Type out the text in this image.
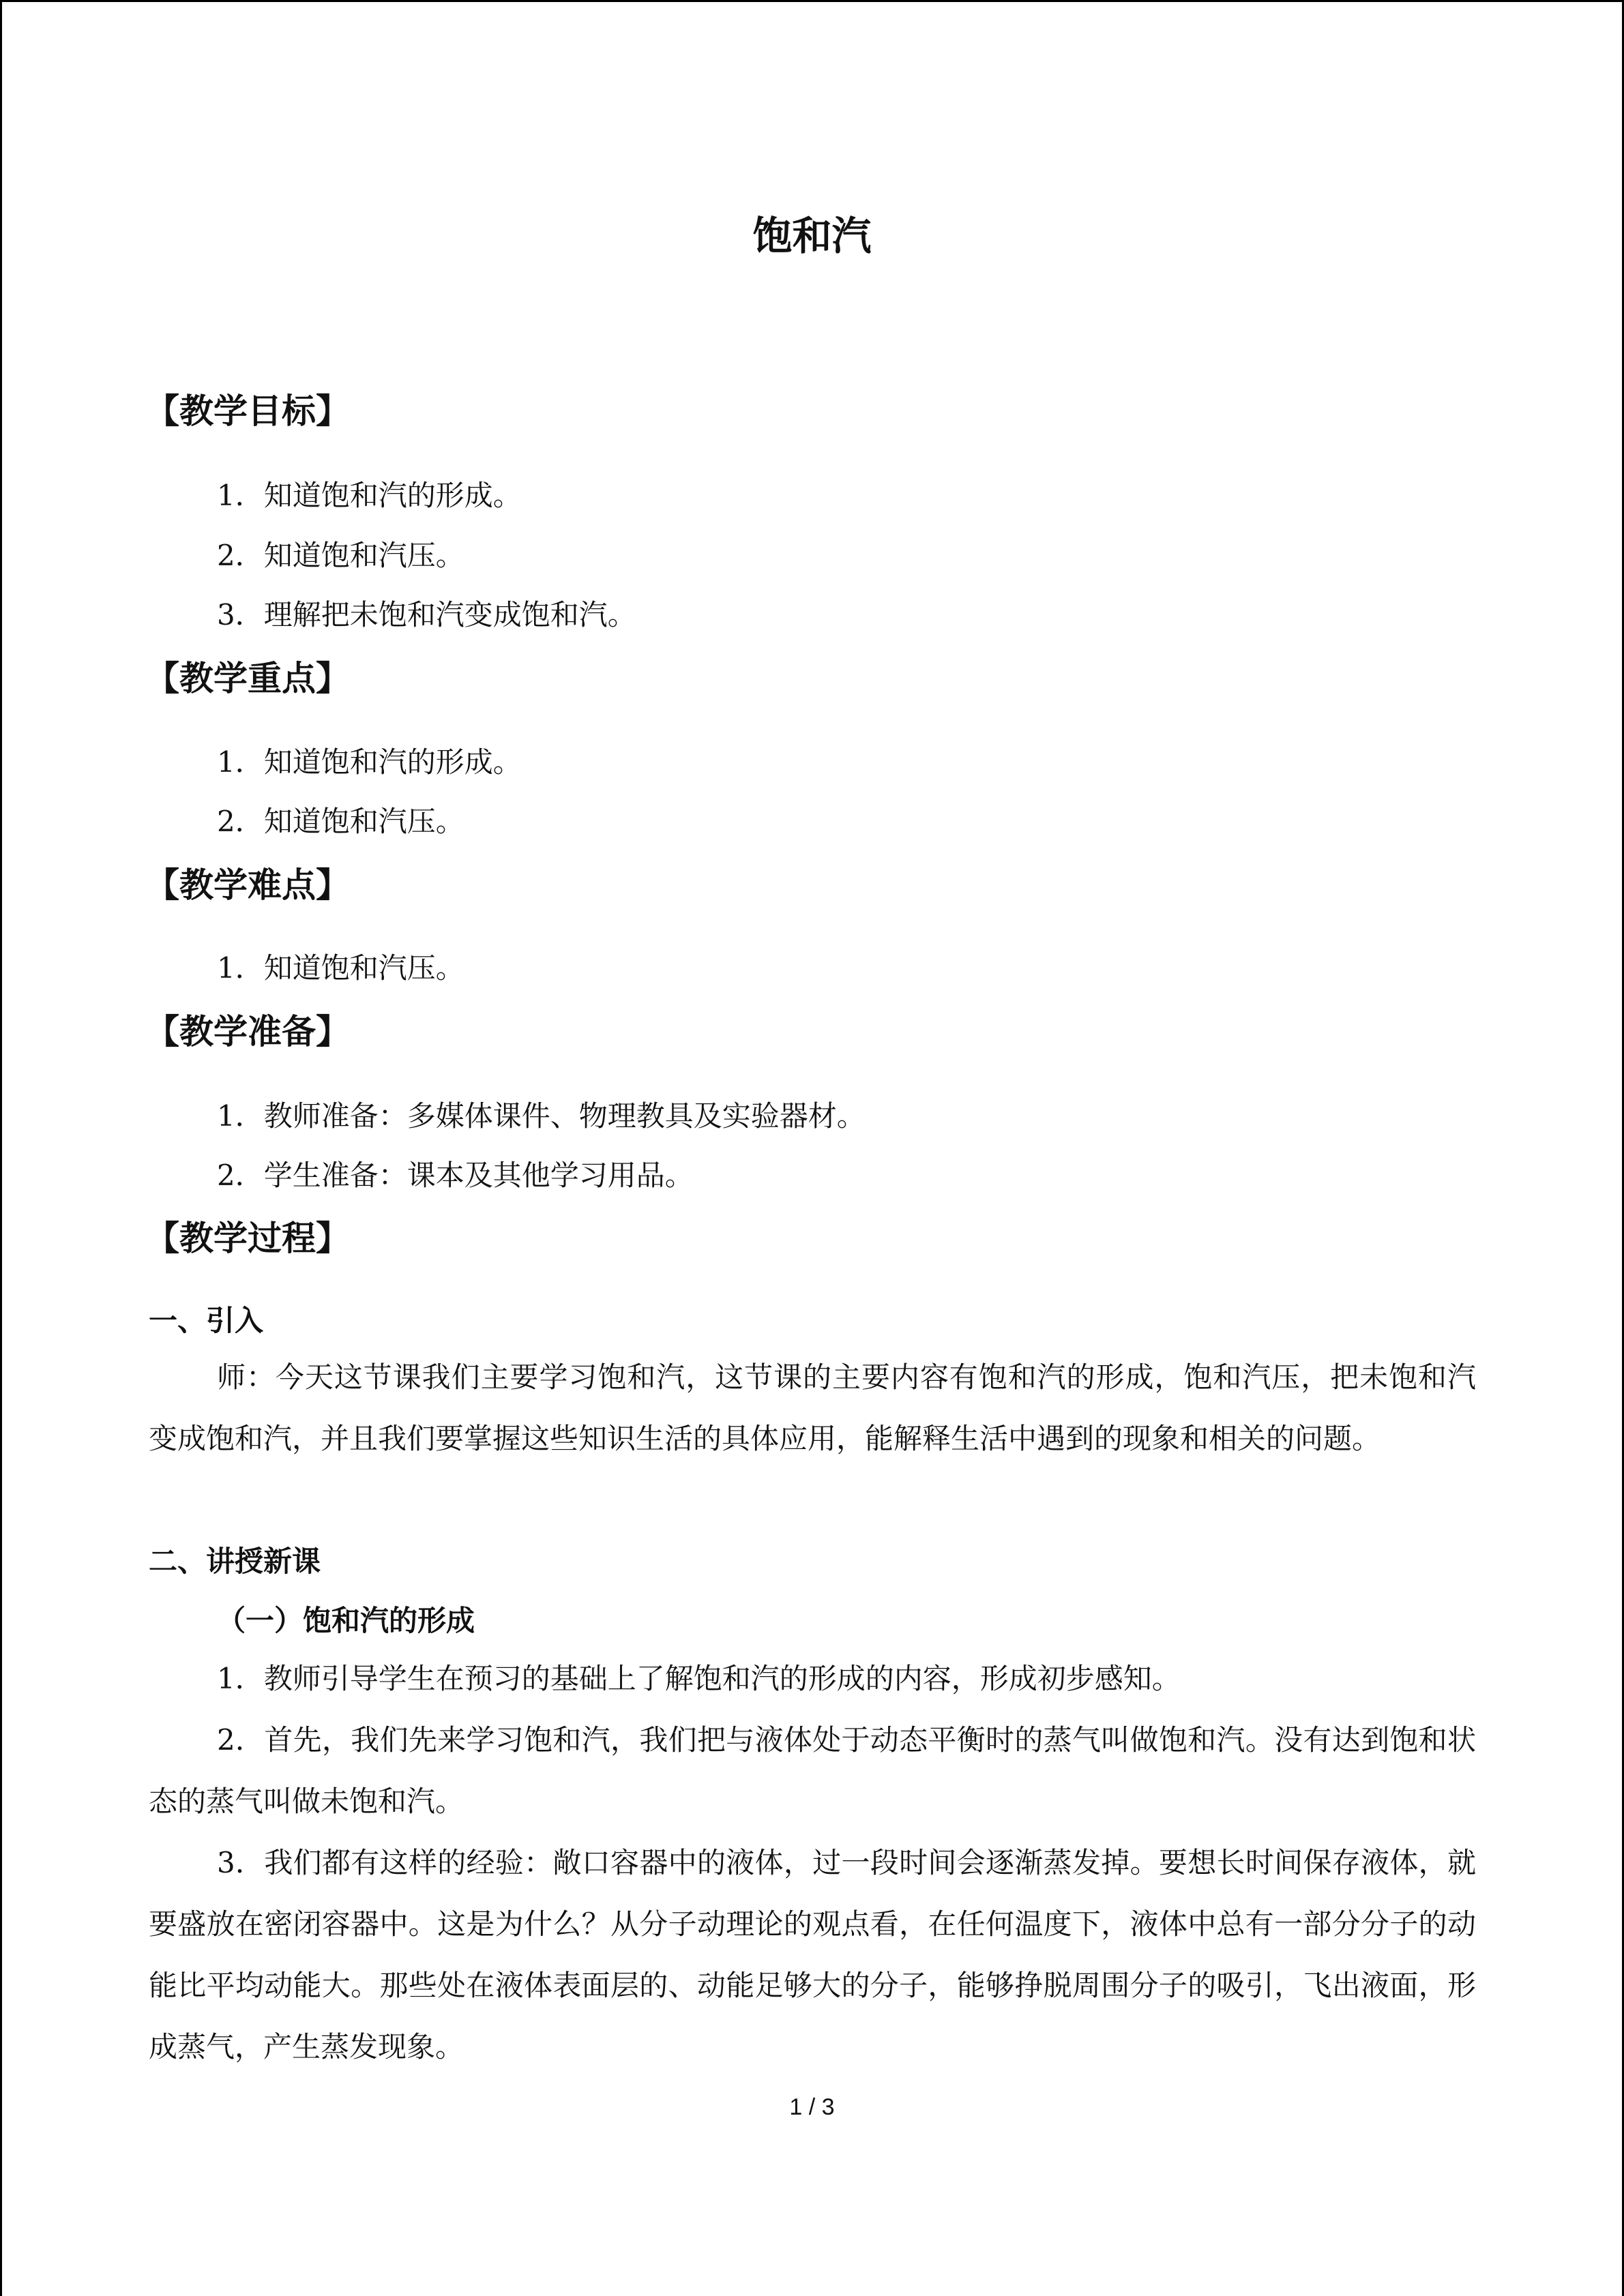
饱和汽
【教学目标】
1．知道饱和汽的形成。
2．知道饱和汽压。
3．理解把未饱和汽变成饱和汽。
【教学重点】
1．知道饱和汽的形成。
2．知道饱和汽压。
【教学难点】
1．知道饱和汽压。
【教学准备】
1．教师准备：多媒体课件、物理教具及实验器材。
2．学生准备：课本及其他学习用品。
【教学过程】
一、引入
师：今天这节课我们主要学习饱和汽，这节课的主要内容有饱和汽的形成，饱和汽压，把未饱和汽变成饱和汽，并且我们要掌握这些知识生活的具体应用，能解释生活中遇到的现象和相关的问题。
二、讲授新课
（一）饱和汽的形成
1．教师引导学生在预习的基础上了解饱和汽的形成的内容，形成初步感知。
2．首先，我们先来学习饱和汽，我们把与液体处于动态平衡时的蒸气叫做饱和汽。没有达到饱和状态的蒸气叫做未饱和汽。
3．我们都有这样的经验：敞口容器中的液体，过一段时间会逐渐蒸发掉。要想长时间保存液体，就要盛放在密闭容器中。这是为什么？从分子动理论的观点看，在任何温度下，液体中总有一部分分子的动能比平均动能大。那些处在液体表面层的、动能足够大的分子，能够挣脱周围分子的吸引，飞出液面，形成蒸气，产生蒸发现象。
1 / 3
